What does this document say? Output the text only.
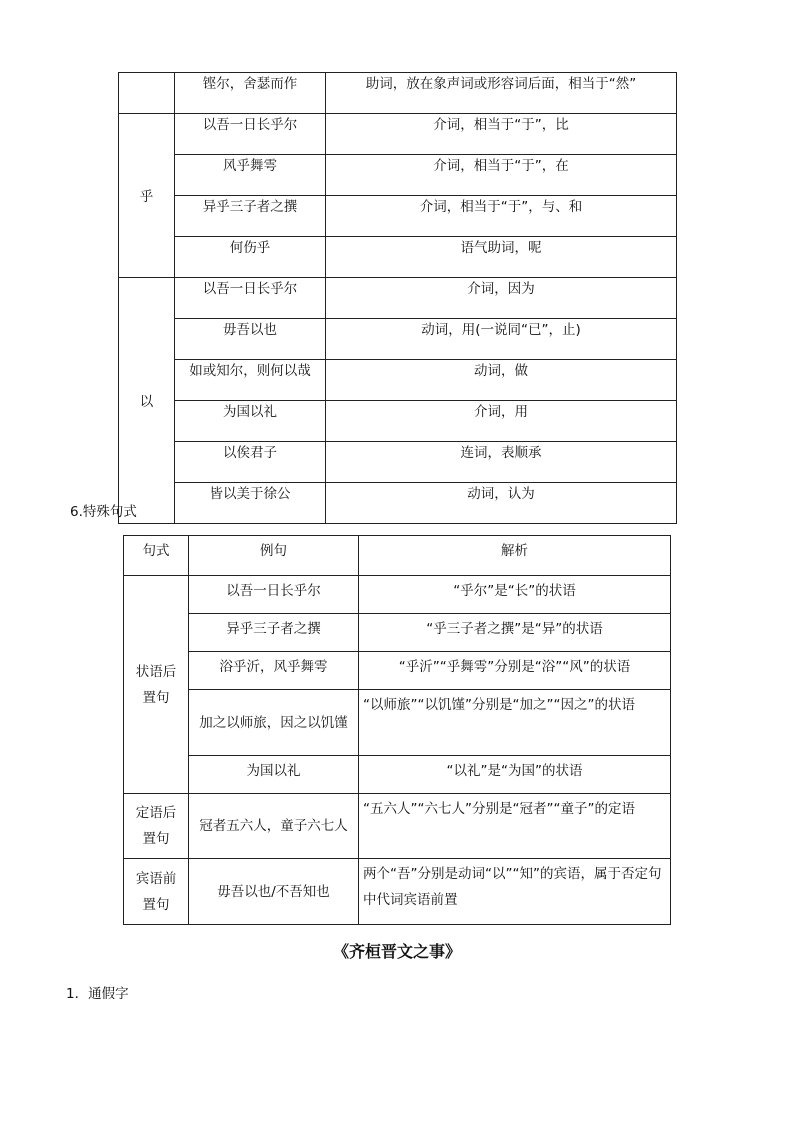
	铿尔，舍瑟而作	助词，放在象声词或形容词后面，相当于“然”
乎	以吾一日长乎尔	介词，相当于“于”，比
	风乎舞雩	介词，相当于“于”，在
	异乎三子者之撰	介词，相当于“于”，与、和
	何伤乎	语气助词，呢
以	以吾一日长乎尔	介词，因为
	毋吾以也	动词，用(一说同“已”，止)
	如或知尔，则何以哉	动词，做
	为国以礼	介词，用
	以俟君子	连词，表顺承
	皆以美于徐公	动词，认为
6.特殊句式
句式	例句	解析

状语后
置句	以吾一日长乎尔	“乎尔”是“长”的状语
	异乎三子者之撰	“乎三子者之撰”是“异”的状语
	浴乎沂，风乎舞雩	“乎沂”“乎舞雩”分别是“浴”“风”的状语
	加之以师旅，因之以饥馑	“以师旅”“以饥馑”分别是“加之”“因之”的状语
	为国以礼	“以礼”是“为国”的状语

定语后
置句	冠者五六人，童子六七人	“五六人”“六七人”分别是“冠者”“童子”的定语

宾语前
置句	毋吾以也/不吾知也	两个“吾”分别是动词“以”“知”的宾语，属于否定句中代词宾语前置
《齐桓晋文之事》
1．通假字
